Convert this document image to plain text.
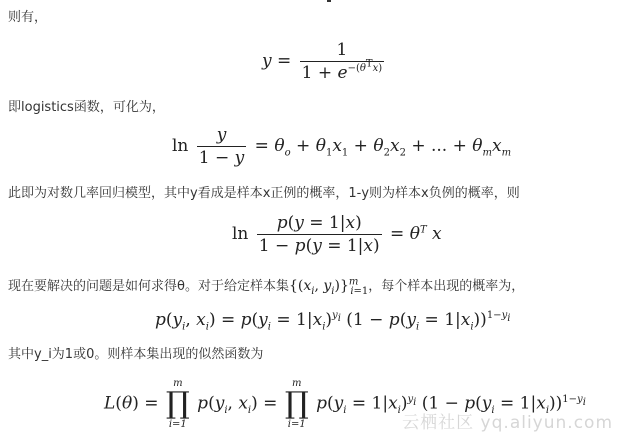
则有，
$y = \frac{1}{1 + e^{-(\theta^Tx)}}$
即logistics函数，可化为，
$\ln \frac{y}{1 - y} = \theta_o + \theta_1x_1 + \theta_2x_2$ + ... + $\theta_mx_m$
此即为对数几率回归模型，其中y看成是样本x正例的概率，1-y则为样本x负例的概率，则
$\ln \frac{p(y = 1|x)}{1 - p(y = 1|x)} = \theta^T$ x
现在要解决的问题是如何求得θ。对于给定样本集{($x_i$, $y_i)\}^m_{i=1}$，每个样本出现的概率为，
$p(y_i$, $x_i) = p(y_i = 1|x_i)^{y_i}$ $(1 - p(y_i = 1|x_i))^{1-y_i}$
其中y_i为1或0。则样本集出现的似然函数为
L(θ) =
m
∏
i=1
$p(y_i$, $x_i$) =
m
∏
i=1
$p(y_i = 1|x_i)^{y_i}$ $(1 - p(y_i = 1|x_i))^{1-y_i}$
云栖社区 yq.aliyun.com
